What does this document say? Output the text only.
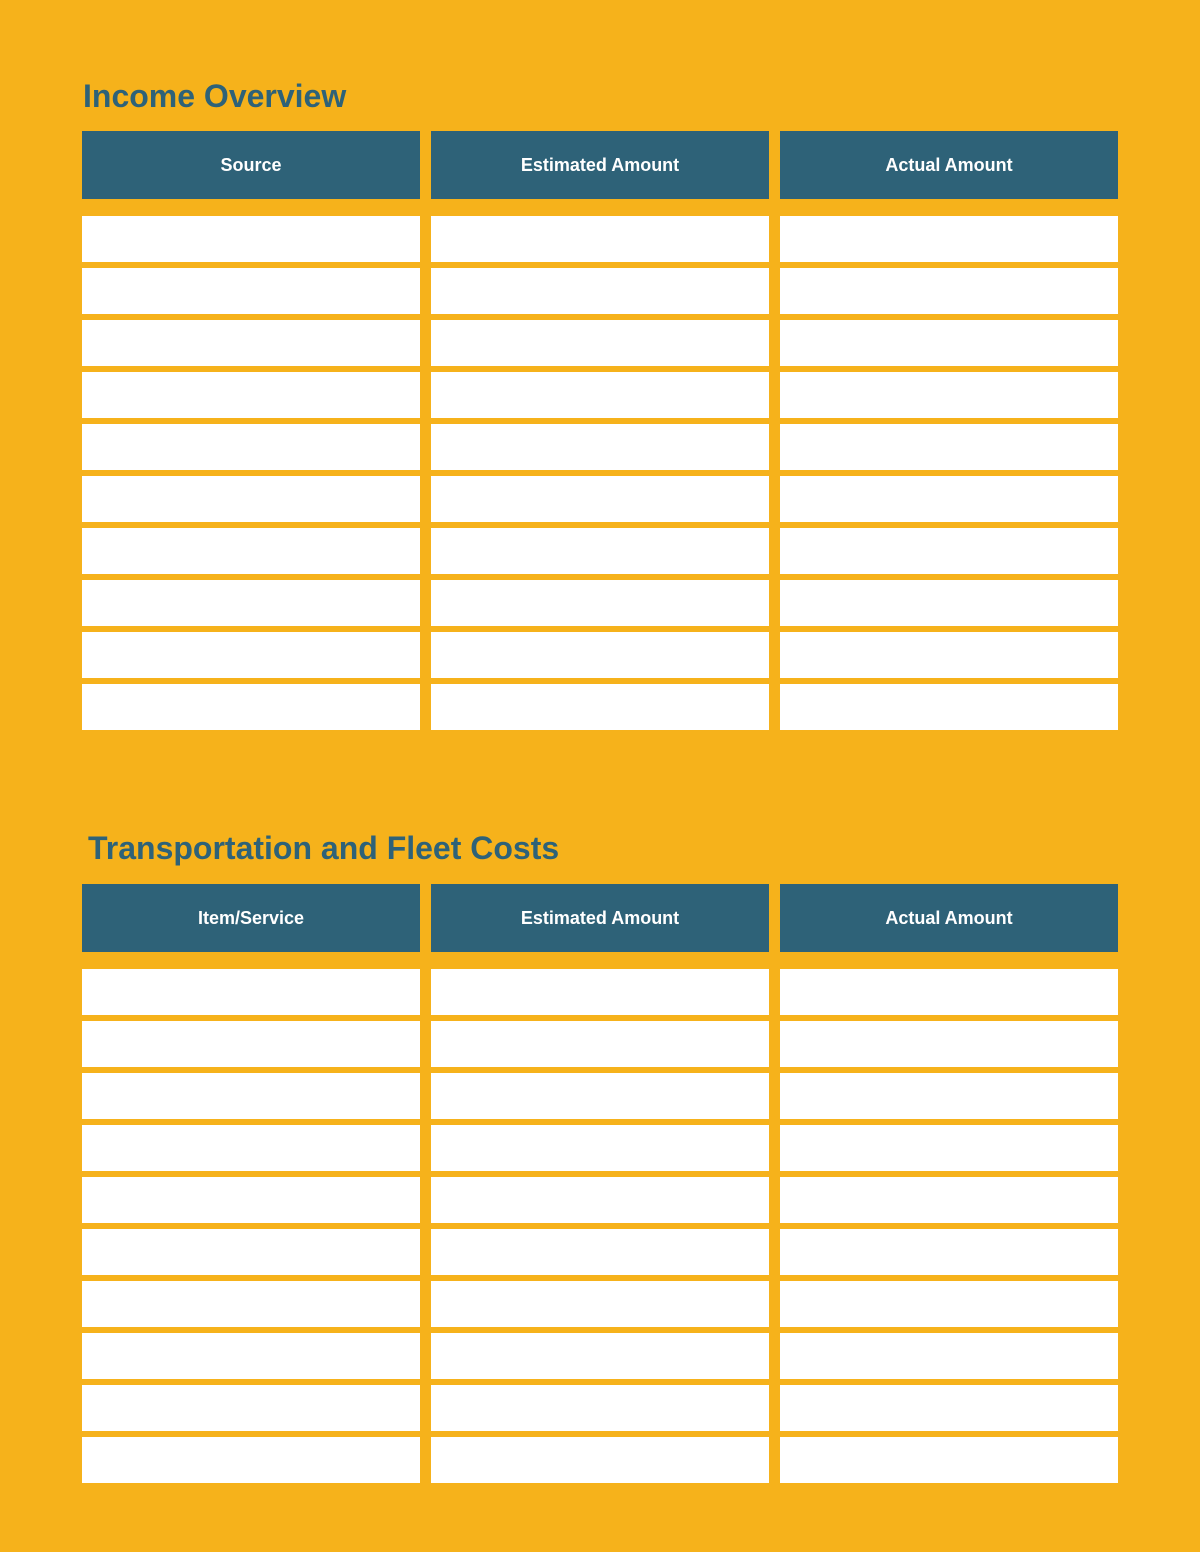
Income Overview
Source	Estimated Amount	Actual Amount
Transportation and Fleet Costs
Item/Service	Estimated Amount	Actual Amount
